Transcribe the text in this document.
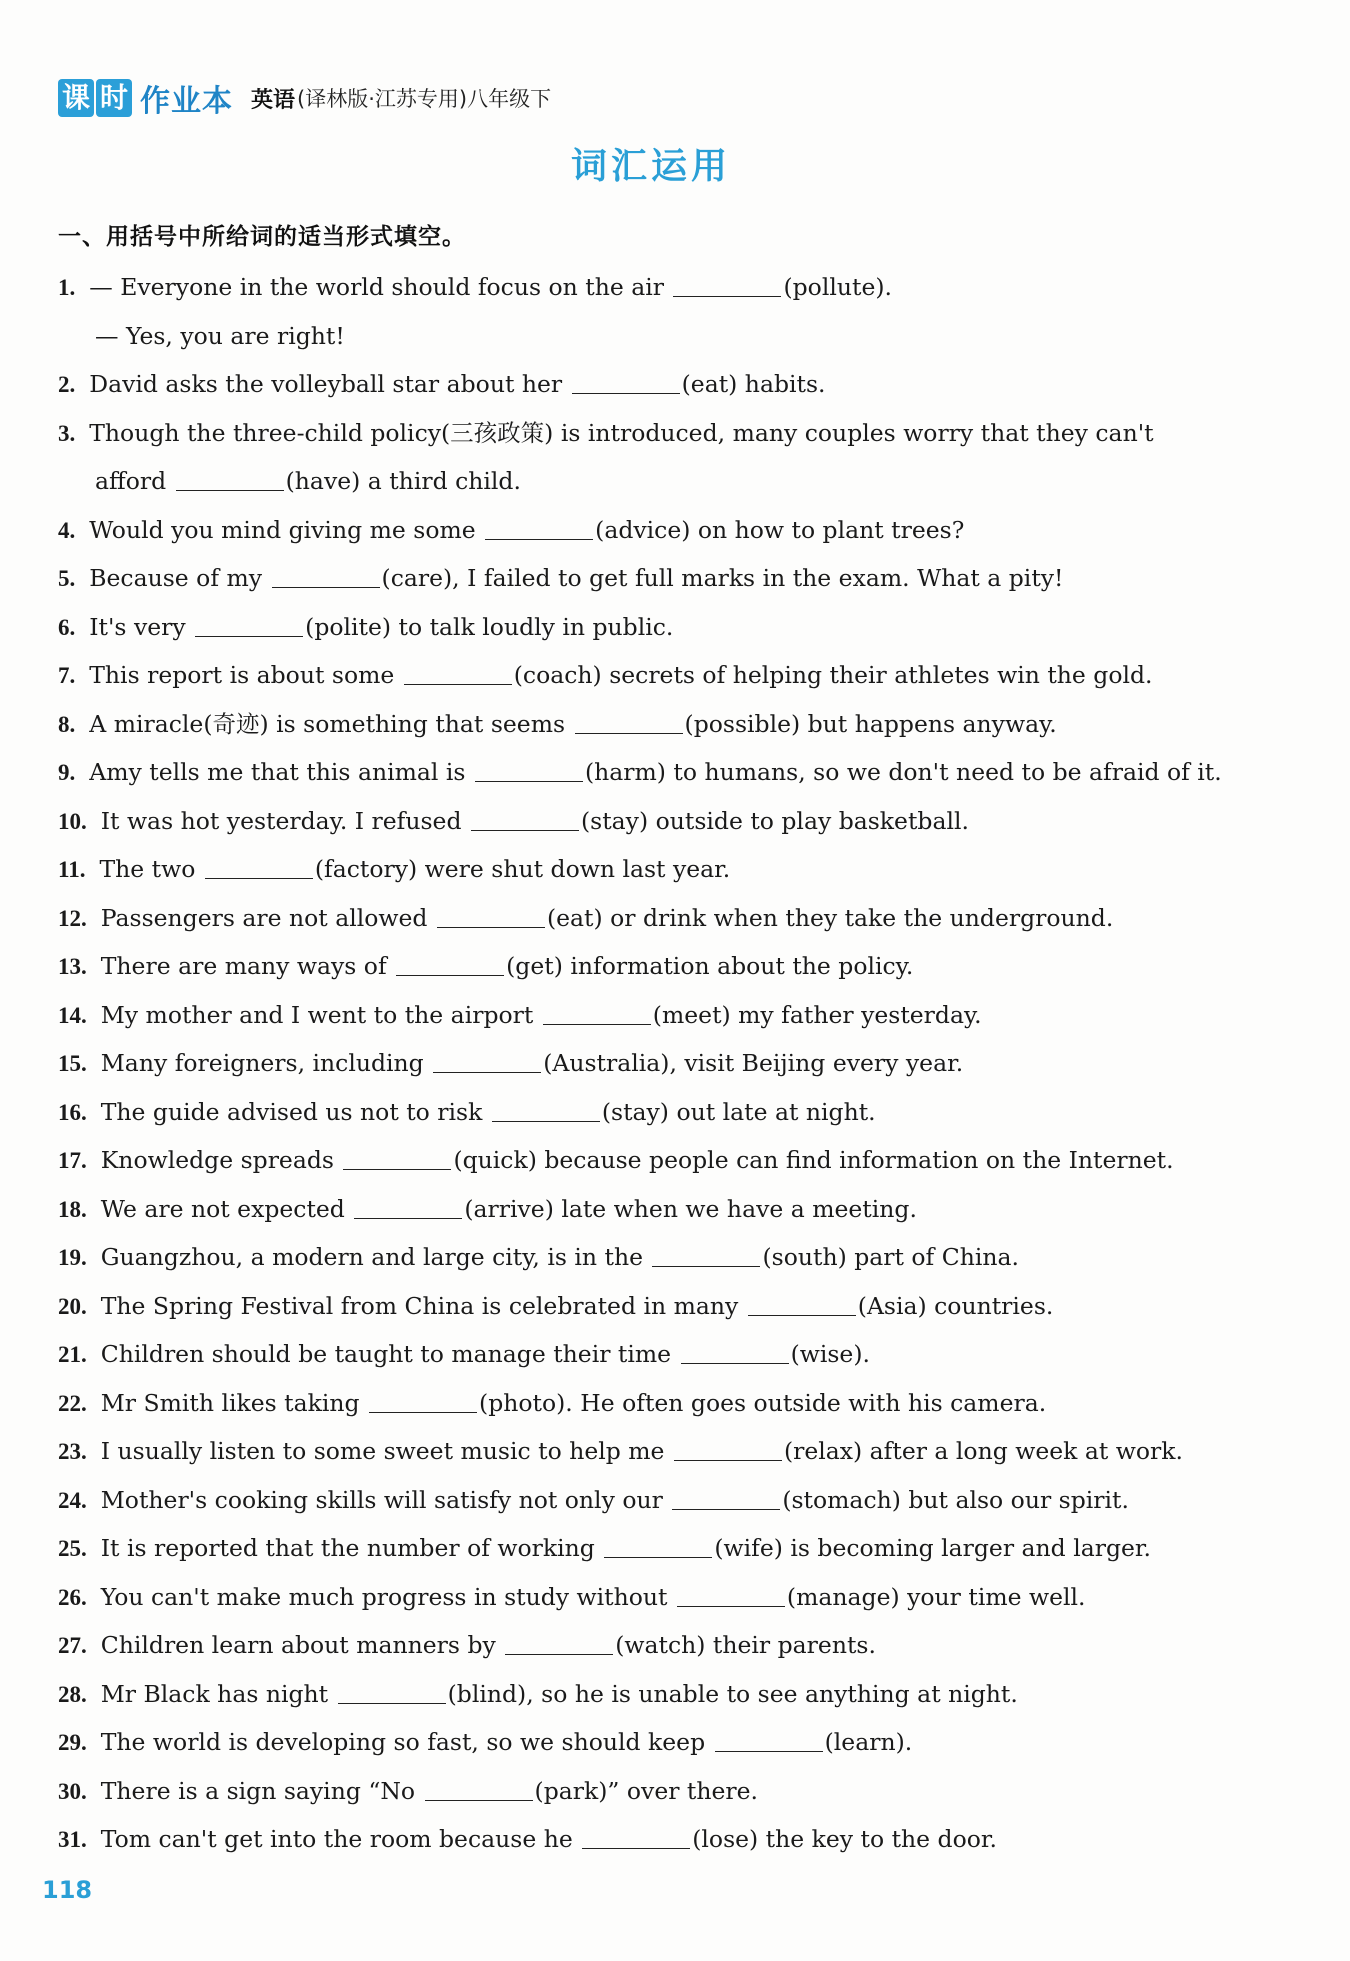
课 时 作业本 英语 (译林版·江苏专用)八年级下
词汇运用
一、用括号中所给词的适当形式填空。
1. — Everyone in the world should focus on the air	(pollute).
— Yes, you are right!
2. David asks the volleyball star about her	(eat) habits.
3. Though the three-child policy(三孩政策) is introduced, many couples worry that they can't
afford	(have) a third child.
4. Would you mind giving me some	(advice) on how to plant trees?
5. Because of my	(care), I failed to get full marks in the exam. What a pity!
6. It's very	(polite) to talk loudly in public.
7. This report is about some	(coach) secrets of helping their athletes win the gold.
8. A miracle(奇迹) is something that seems	(possible) but happens anyway.
9. Amy tells me that this animal is	(harm) to humans, so we don't need to be afraid of it.
10. It was hot yesterday. I refused	(stay) outside to play basketball.
11. The two	(factory) were shut down last year.
12. Passengers are not allowed	(eat) or drink when they take the underground.
13. There are many ways of	(get) information about the policy.
14. My mother and I went to the airport	(meet) my father yesterday.
15. Many foreigners, including	(Australia), visit Beijing every year.
16. The guide advised us not to risk	(stay) out late at night.
17. Knowledge spreads	(quick) because people can find information on the Internet.
18. We are not expected	(arrive) late when we have a meeting.
19. Guangzhou, a modern and large city, is in the	(south) part of China.
20. The Spring Festival from China is celebrated in many	(Asia) countries.
21. Children should be taught to manage their time	(wise).
22. Mr Smith likes taking	(photo). He often goes outside with his camera.
23. I usually listen to some sweet music to help me	(relax) after a long week at work.
24. Mother's cooking skills will satisfy not only our	(stomach) but also our spirit.
25. It is reported that the number of working	(wife) is becoming larger and larger.
26. You can't make much progress in study without	(manage) your time well.
27. Children learn about manners by	(watch) their parents.
28. Mr Black has night	(blind), so he is unable to see anything at night.
29. The world is developing so fast, so we should keep	(learn).
30. There is a sign saying “No	(park)” over there.
31. Tom can't get into the room because he	(lose) the key to the door.
118
